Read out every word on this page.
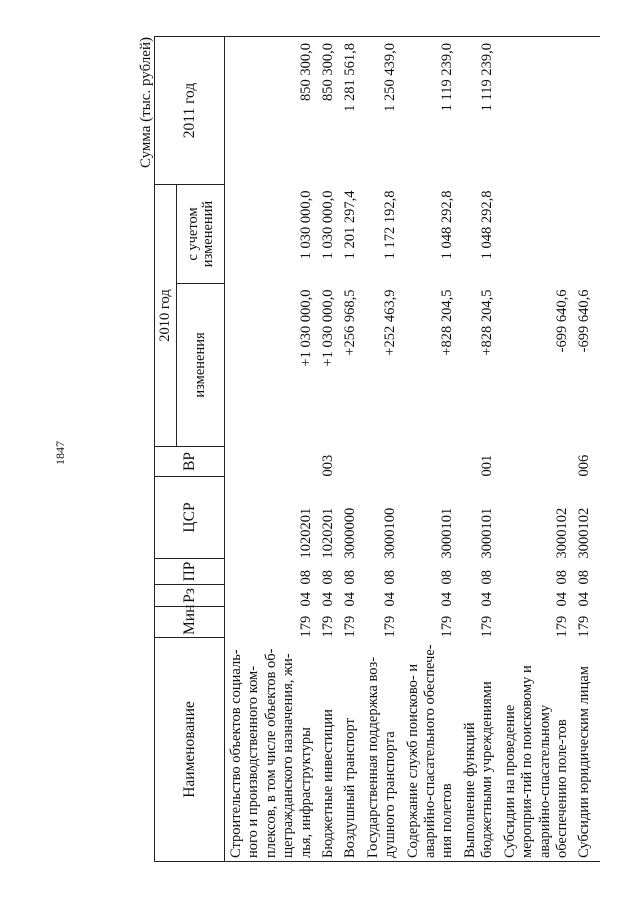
1847
Сумма (тыс. рублей)
Наименование	Мин	Рз	ПР	ЦСР	ВР	2010 год		2011 год
						изменения	с учетом изменений	
Строительство объектов социаль-ного и производственного ком-плексов, в том числе объектов об-щегражданского назначения, жи-лья, инфраструктуры	179	04	08	1020201		+1 030 000,0	1 030 000,0	850 300,0
Бюджетные инвестиции	179	04	08	1020201	003	+1 030 000,0	1 030 000,0	850 300,0
Воздушный транспорт	179	04	08	3000000		+256 968,5	1 201 297,4	1 281 561,8
Государственная поддержка воз-душного транспорта	179	04	08	3000100		+252 463,9	1 172 192,8	1 250 439,0
Содержание служб поисково- и аварийно-спасательного обеспече-ния полетов	179	04	08	3000101		+828 204,5	1 048 292,8	1 119 239,0
Выполнение функций бюджетными учреждениями	179	04	08	3000101	001	+828 204,5	1 048 292,8	1 119 239,0
Субсидии на проведение мероприя-тий по поисковому и аварийно-спасательному обеспечению поле-тов	179	04	08	3000102		-699 640,6		
Субсидии юридическим лицам	179	04	08	3000102	006	-699 640,6		
